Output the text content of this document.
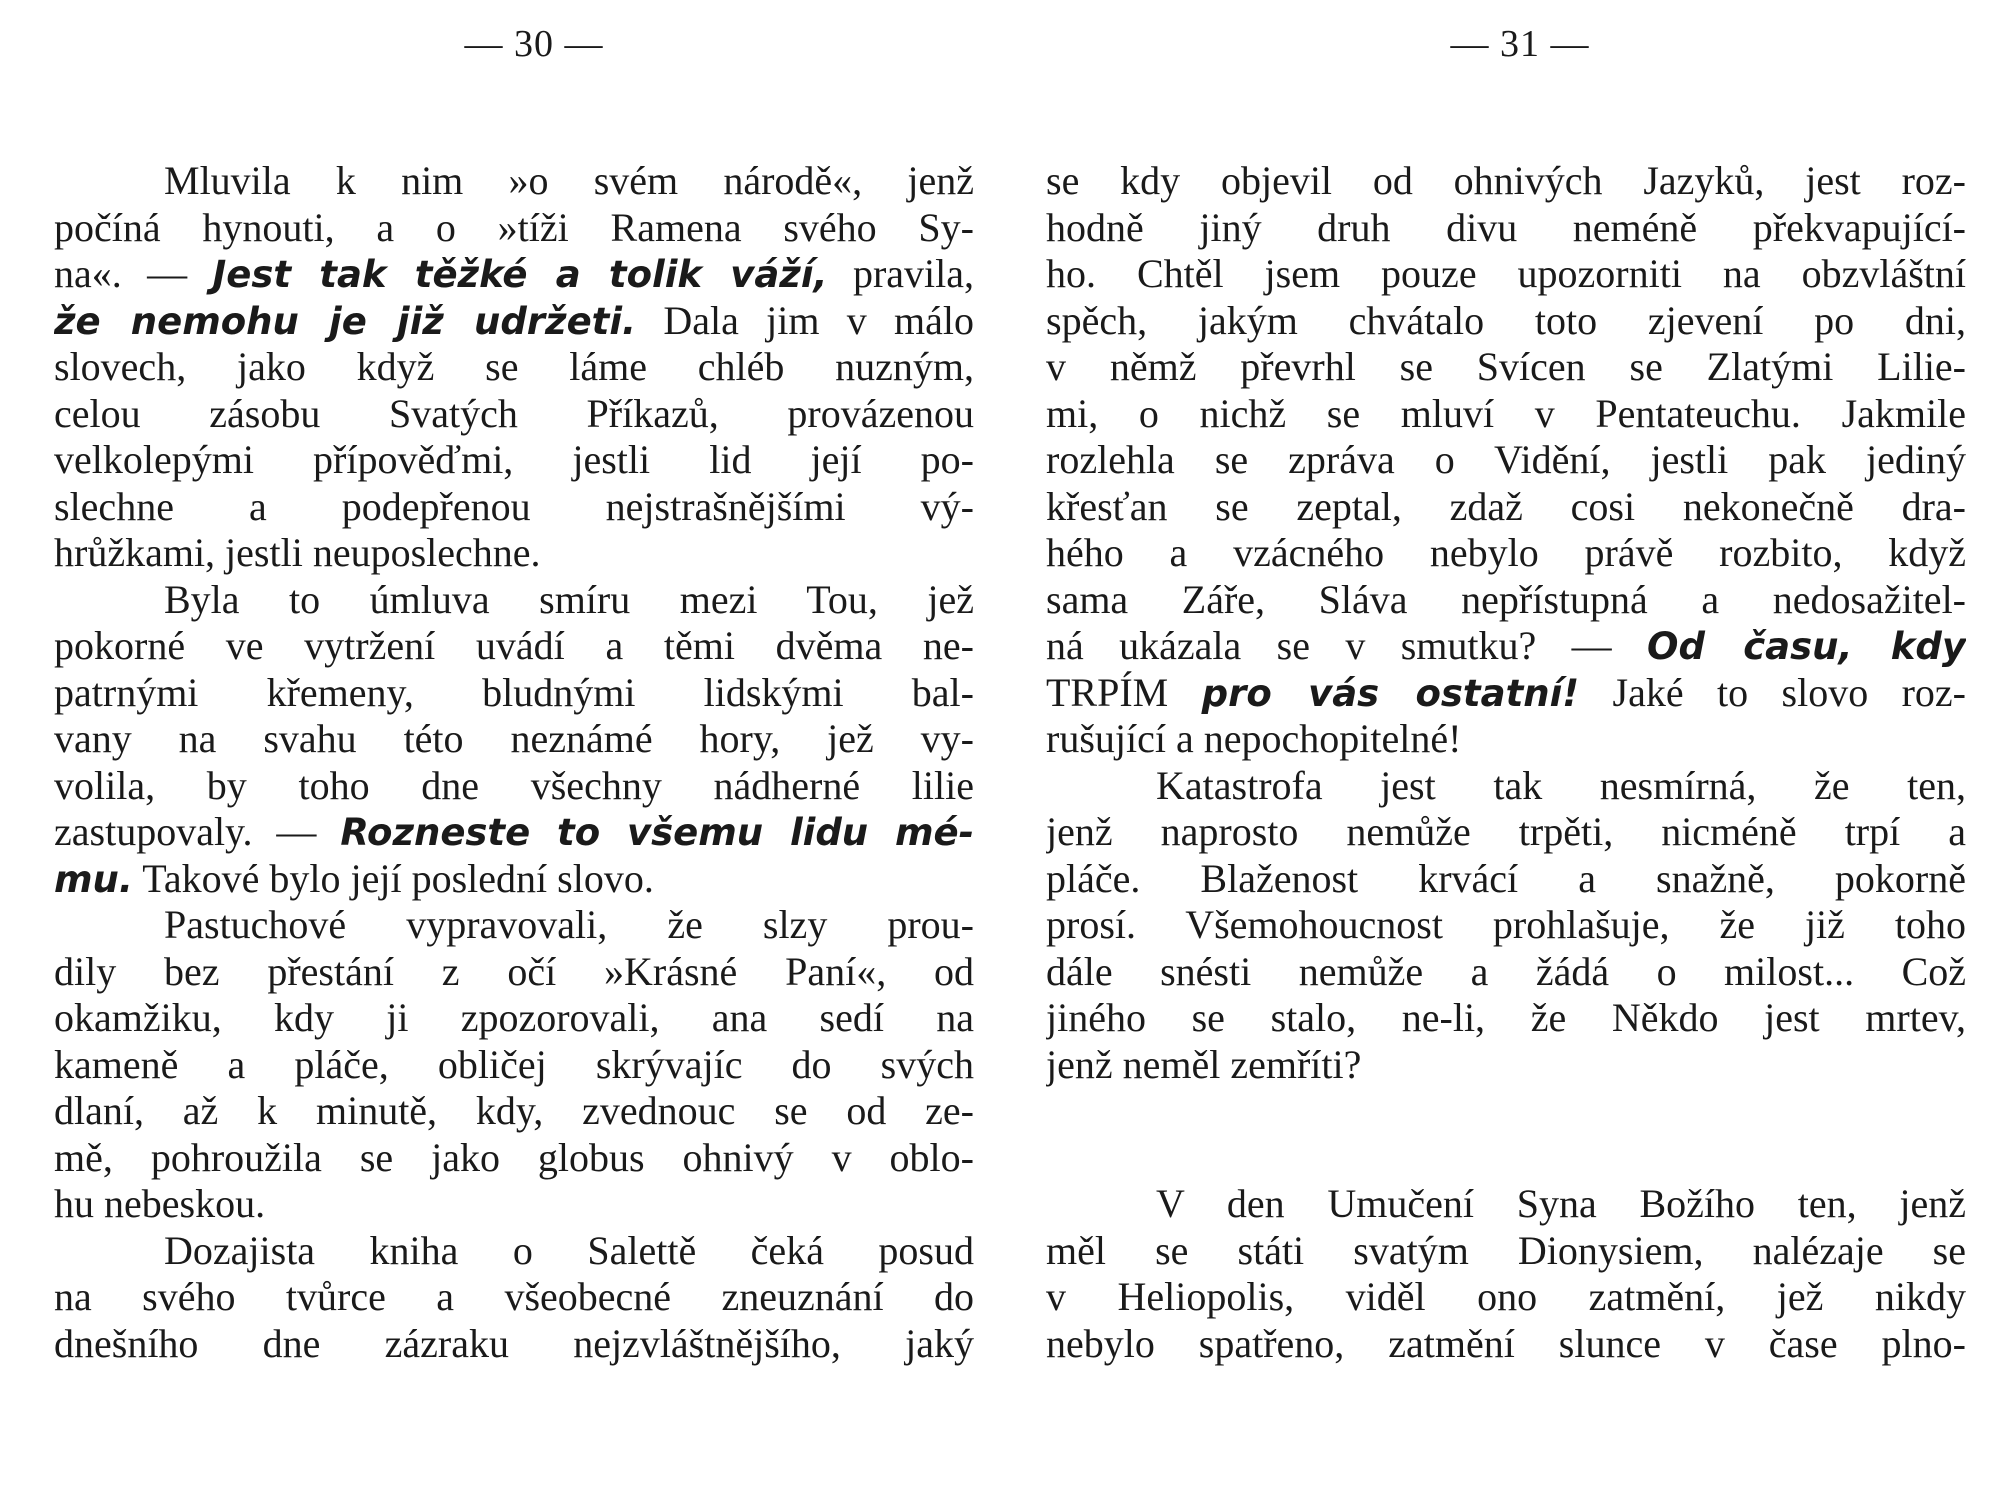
— 30 —
Mluvila k nim »o svém národě«, jenž
počíná hynouti, a o »tíži Ramena svého Sy-
na«. — Jest tak těžké a tolik váží, pravila,
že nemohu je již udržeti. Dala jim v málo
slovech, jako když se láme chléb nuzným,
celou zásobu Svatých Příkazů, provázenou
velkolepými přípověďmi, jestli lid její po-
slechne a podepřenou nejstrašnějšími vý-
hrůžkami, jestli neuposlechne.
Byla to úmluva smíru mezi Tou, jež
pokorné ve vytržení uvádí a těmi dvěma ne-
patrnými křemeny, bludnými lidskými bal-
vany na svahu této neznámé hory, jež vy-
volila, by toho dne všechny nádherné lilie
zastupovaly. — Rozneste to všemu lidu mé-
mu. Takové bylo její poslední slovo.
Pastuchové vypravovali, že slzy prou-
dily bez přestání z očí »Krásné Paní«, od
okamžiku, kdy ji zpozorovali, ana sedí na
kameně a pláče, obličej skrývajíc do svých
dlaní, až k minutě, kdy, zvednouc se od ze-
mě, pohroužila se jako globus ohnivý v oblo-
hu nebeskou.
Dozajista kniha o Salettě čeká posud
na svého tvůrce a všeobecné zneuznání do
dnešního dne zázraku nejzvláštnějšího, jaký
— 31 —
se kdy objevil od ohnivých Jazyků, jest roz-
hodně jiný druh divu neméně překvapující-
ho. Chtěl jsem pouze upozorniti na obzvláštní
spěch, jakým chvátalo toto zjevení po dni,
v němž převrhl se Svícen se Zlatými Lilie-
mi, o nichž se mluví v Pentateuchu. Jakmile
rozlehla se zpráva o Vidění, jestli pak jediný
křesťan se zeptal, zdaž cosi nekonečně dra-
hého a vzácného nebylo právě rozbito, když
sama Záře, Sláva nepřístupná a nedosažitel-
ná ukázala se v smutku? — Od času, kdy
TRPÍM pro vás ostatní! Jaké to slovo roz-
rušující a nepochopitelné!
Katastrofa jest tak nesmírná, že ten,
jenž naprosto nemůže trpěti, nicméně trpí a
pláče. Blaženost krvácí a snažně, pokorně
prosí. Všemohoucnost prohlašuje, že již toho
dále snésti nemůže a žádá o milost... Což
jiného se stalo, ne-li, že Někdo jest mrtev,
jenž neměl zemříti?
V den Umučení Syna Božího ten, jenž
měl se státi svatým Dionysiem, nalézaje se
v Heliopolis, viděl ono zatmění, jež nikdy
nebylo spatřeno, zatmění slunce v čase plno-
